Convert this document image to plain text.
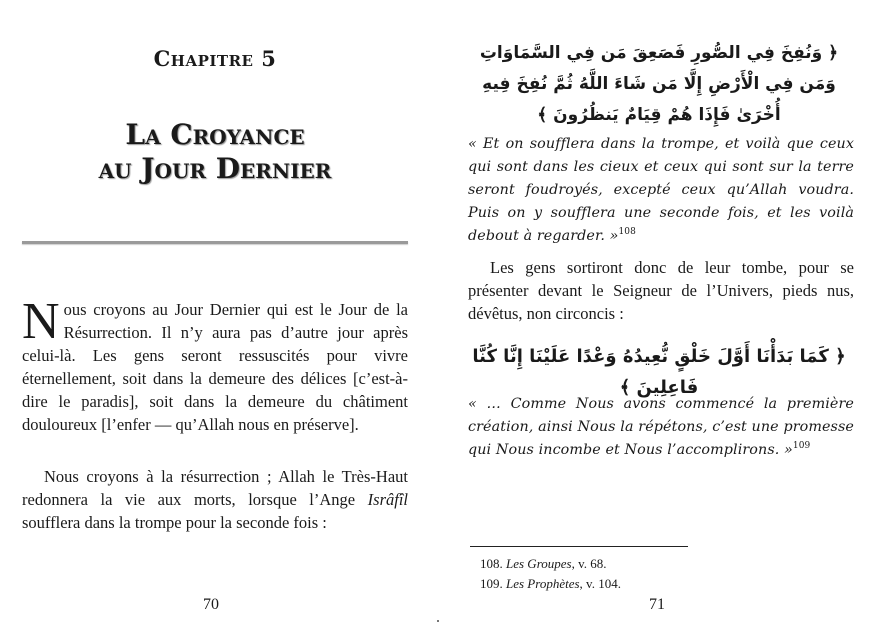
Chapitre 5
La Croyance
au Jour Dernier
Nous croyons au Jour Dernier qui est le Jour de la Résurrection. Il n’y aura pas d’autre jour après celui-là. Les gens seront ressuscités pour vivre éternellement, soit dans la demeure des délices [c’est-à-dire le paradis], soit dans la demeure du châtiment douloureux [l’enfer — qu’Allah nous en préserve].
Nous croyons à la résurrection ; Allah le Très-Haut redonnera la vie aux morts, lorsque l’Ange Isrâfîl soufflera dans la trompe pour la seconde fois :
70
﴿ وَنُفِخَ فِي الصُّورِ فَصَعِقَ مَن فِي السَّمَاوَاتِ وَمَن فِي الْأَرْضِ إِلَّا مَن شَاءَ اللَّهُ ثُمَّ نُفِخَ فِيهِ أُخْرَىٰ فَإِذَا هُمْ قِيَامٌ يَنظُرُونَ ﴾
« Et on soufflera dans la trompe, et voilà que ceux qui sont dans les cieux et ceux qui sont sur la terre seront foudroyés, excepté ceux qu’Allah voudra. Puis on y soufflera une seconde fois, et les voilà debout à regarder. »$^{108}$
Les gens sortiront donc de leur tombe, pour se présenter devant le Seigneur de l’Univers, pieds nus, dévêtus, non circoncis :
﴿ كَمَا بَدَأْنَا أَوَّلَ خَلْقٍ نُّعِيدُهُ وَعْدًا عَلَيْنَا إِنَّا كُنَّا فَاعِلِينَ ﴾
« … Comme Nous avons commencé la première création, ainsi Nous la répétons, c’est une promesse qui Nous incombe et Nous l’accomplirons. »$^{109}$
108. Les Groupes, v. 68.
109. Les Prophètes, v. 104.
71
